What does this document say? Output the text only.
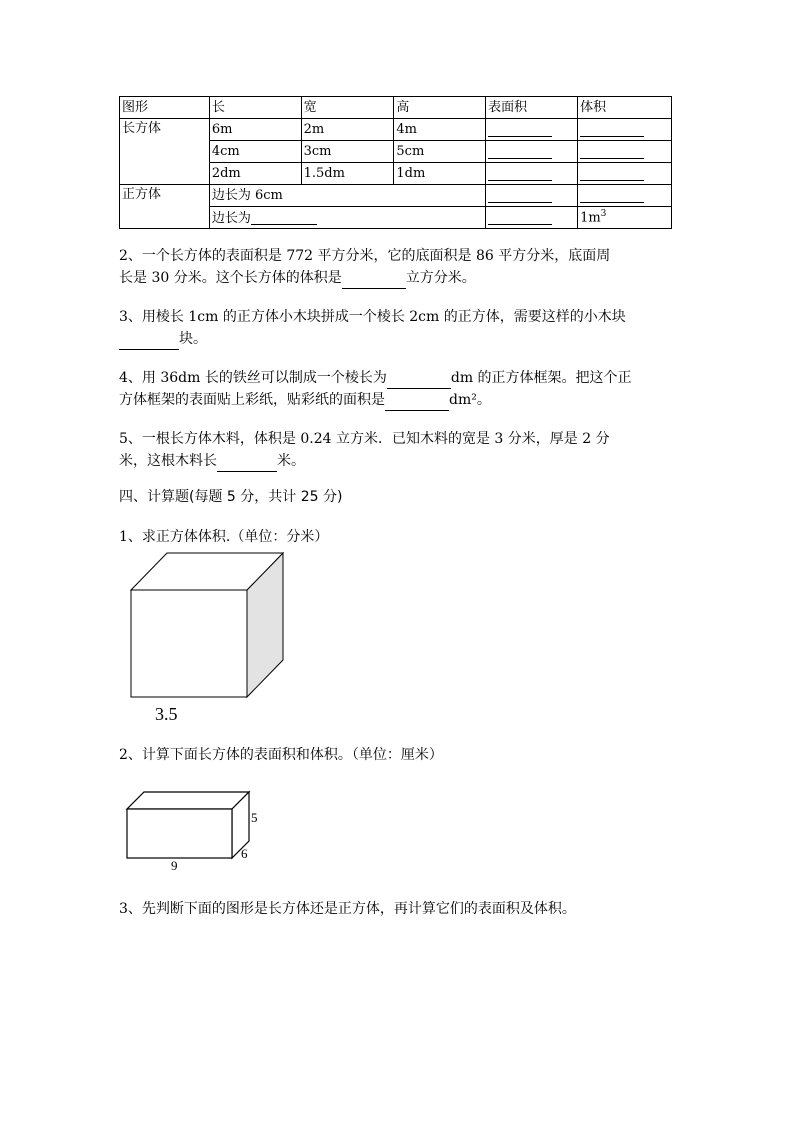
图形	长	宽	高	表面积	体积
长方体	6m	2m	4m		
	4cm	3cm	5cm		
	2dm	1.5dm	1dm		
正方体	边长为 6cm				
	边长为				$1m^3$
2、一个长方体的表面积是 772 平方分米，它的底面积是 86 平方分米，底面周
长是 30 分米。这个长方体的体积是	立方分米。
3、用棱长 1cm 的正方体小木块拼成一个棱长 2cm 的正方体，需要这样的小木块
块。
4、用 36dm 长的铁丝可以制成一个棱长为	dm 的正方体框架。把这个正
方体框架的表面贴上彩纸，贴彩纸的面积是	dm²。
5、一根长方体木料，体积是 0.24 立方米．已知木料的宽是 3 分米，厚是 2 分
米，这根木料长	米。
四、计算题(每题 5 分，共计 25 分)
1、求正方体体积.（单位：分米）
3.5
2、计算下面长方体的表面积和体积。（单位：厘米）
5
6
9
3、先判断下面的图形是长方体还是正方体，再计算它们的表面积及体积。
